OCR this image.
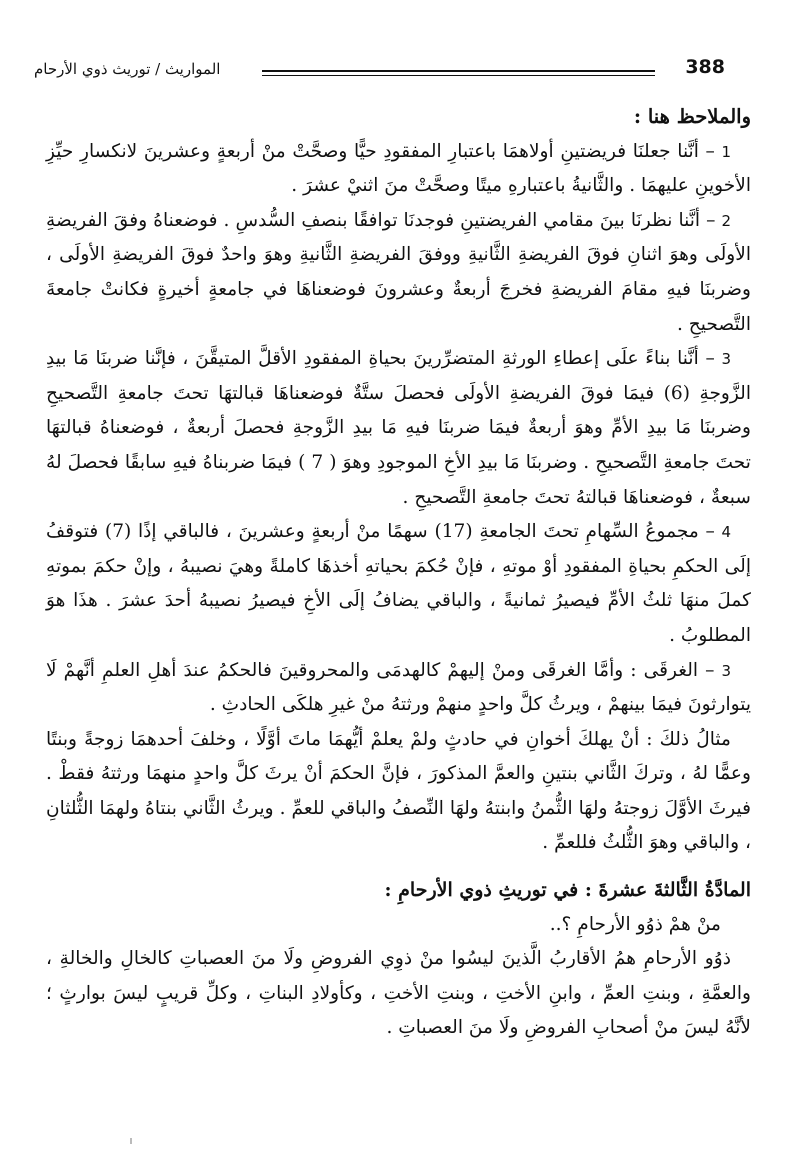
388
المواريث / توريث ذوي الأرحام

والملاحظ هنا :

1 – أنَّنا جعلنَا فريضتينِ أولاهمَا باعتبارِ المفقودِ حيًّا وصحَّتْ منْ أربعةٍ وعشرينَ لانكسارِ حيِّزِ الأخوينِ عليهمَا . والثَّانيةُ باعتبارهِ ميتًا وصحَّتْ منَ اثنيْ عشرَ .

2 – أنَّنا نظرنَا بينَ مقامي الفريضتينِ فوجدنَا توافقًا بنصفِ السُّدسِ . فوضعناهُ وفقَ الفريضةِ الأولَى وهوَ اثنانِ فوقَ الفريضةِ الثَّانيةِ ووفقَ الفريضةِ الثَّانيةِ وهوَ واحدٌ فوقَ الفريضةِ الأولَى ، وضربنَا فيهِ مقامَ الفريضةِ فخرجَ أربعةٌ وعشرونَ فوضعناهَا في جامعةٍ أخيرةٍ فكانتْ جامعةَ التَّصحيحِ .

3 – أنَّنا بناءً علَى إعطاءِ الورثةِ المتضرِّرينَ بحياةِ المفقودِ الأقلَّ المتيقَّنَ ، فإنَّنا ضربنَا مَا بيدِ الزَّوجةِ (6) فيمَا فوقَ الفريضةِ الأولَى فحصلَ ستَّةٌ فوضعناهَا قبالتهَا تحتَ جامعةِ التَّصحيحِ وضربنَا مَا بيدِ الأمِّ وهوَ أربعةٌ فيمَا ضربنَا فيهِ مَا بيدِ الزَّوجةِ فحصلَ أربعةٌ ، فوضعناهُ قبالتهَا تحتَ جامعةِ التَّصحيحِ . وضربنَا مَا بيدِ الأخِ الموجودِ وهوَ ( 7 ) فيمَا ضربناهُ فيهِ سابقًا فحصلَ لهُ سبعةٌ ، فوضعناهَا قبالتهُ تحتَ جامعةِ التَّصحيحِ .

4 – مجموعُ السِّهامِ تحتَ الجامعةِ (17) سهمًا منْ أربعةٍ وعشرينَ ، فالباقي إذًا (7) فتوقفُ إلَى الحكمِ بحياةِ المفقودِ أوْ موتهِ ، فإنْ حُكمَ بحياتهِ أخذهَا كاملةً وهيَ نصيبهُ ، وإنْ حكمَ بموتهِ كملَ منهَا ثلثُ الأمِّ فيصيرُ ثمانيةً ، والباقي يضافُ إلَى الأخِ فيصيرُ نصيبهُ أحدَ عشرَ . هذَا هوَ المطلوبُ .

3 – الغرقَى : وأمَّا الغرقَى ومنْ إليهمْ كالهدمَى والمحروقينَ فالحكمُ عندَ أهلِ العلمِ أنَّهمْ لَا يتوارثونَ فيمَا بينهمْ ، ويرثُ كلَّ واحدٍ منهمْ ورثتهُ منْ غيرِ هلكَى الحادثِ .

مثالُ ذلكَ : أنْ يهلكَ أخوانِ في حادثٍ ولمْ يعلمْ أيُّهمَا ماتَ أوَّلًا ، وخلفَ أحدهمَا زوجةً وبنتًا وعمًّا لهُ ، وتركَ الثَّاني بنتينِ والعمَّ المذكورَ ، فإنَّ الحكمَ أنْ يرثَ كلَّ واحدٍ منهمَا ورثتهُ فقطْ . فيرثَ الأوَّلَ زوجتهُ ولهَا الثُّمنُ وابنتهُ ولهَا النِّصفُ والباقي للعمِّ . ويرثُ الثَّاني بنتاهُ ولهمَا الثُّلثانِ ، والباقي وهوَ الثُّلثُ فللعمِّ .

المادَّةُ الثَّالثةَ عشرةَ : في توريثِ ذوي الأرحامِ :

منْ همْ ذوُو الأرحامِ ؟..

ذوُو الأرحامِ همُ الأقاربُ الَّذينَ ليسُوا منْ ذوِي الفروضِ ولَا منَ العصباتِ كالخالِ والخالةِ ، والعمَّةِ ، وبنتِ العمِّ ، وابنِ الأختِ ، وبنتِ الأختِ ، وكأولادِ البناتِ ، وكلِّ قريبٍ ليسَ بوارثٍ ؛ لأنَّهُ ليسَ منْ أصحابِ الفروضِ ولَا منَ العصباتِ .
